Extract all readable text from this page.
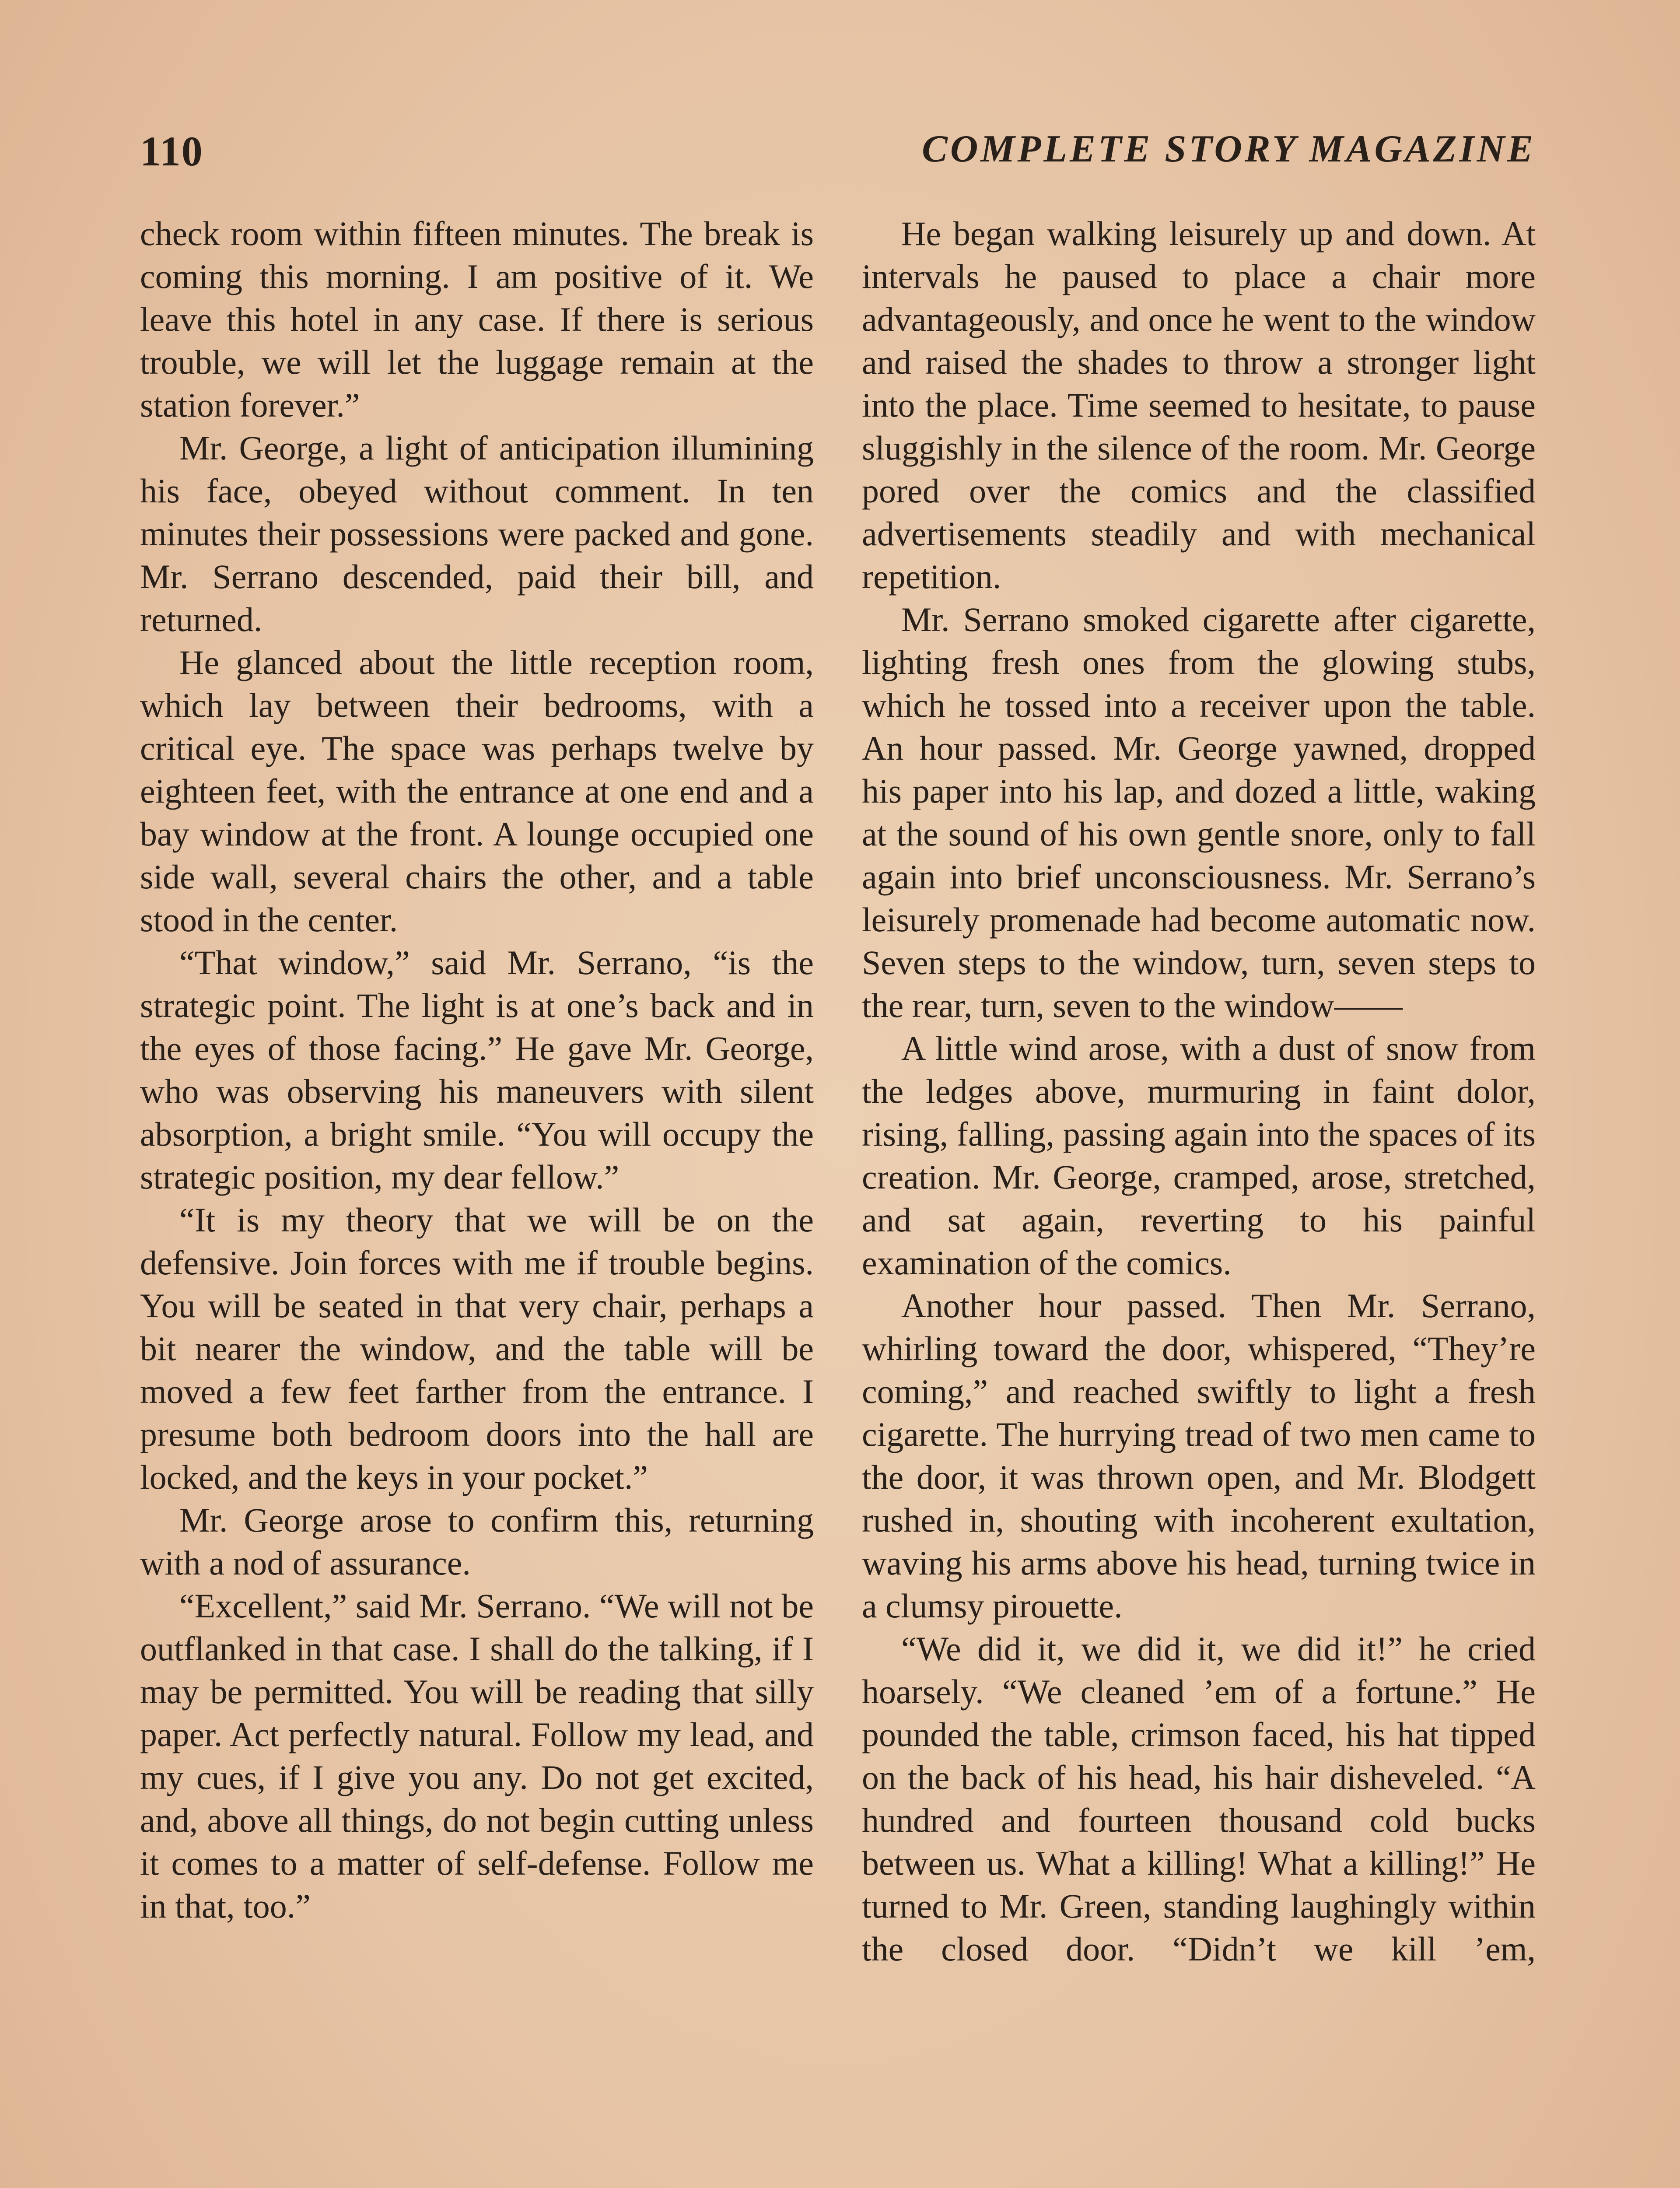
110	COMPLETE STORY MAGAZINE

check room within fifteen minutes. The break is coming this morning. I am positive of it. We leave this hotel in any case. If there is serious trouble, we will let the luggage remain at the station forever.”

Mr. George, a light of anticipation illumining his face, obeyed without comment. In ten minutes their possessions were packed and gone. Mr. Serrano descended, paid their bill, and returned.

He glanced about the little reception room, which lay between their bedrooms, with a critical eye. The space was perhaps twelve by eighteen feet, with the entrance at one end and a bay window at the front. A lounge occupied one side wall, several chairs the other, and a table stood in the center.

“That window,” said Mr. Serrano, “is the strategic point. The light is at one’s back and in the eyes of those facing.” He gave Mr. George, who was observing his maneuvers with silent absorption, a bright smile. “You will occupy the strategic position, my dear fellow.”

“It is my theory that we will be on the defensive. Join forces with me if trouble begins. You will be seated in that very chair, perhaps a bit nearer the window, and the table will be moved a few feet farther from the entrance. I presume both bedroom doors into the hall are locked, and the keys in your pocket.”

Mr. George arose to confirm this, returning with a nod of assurance.

“Excellent,” said Mr. Serrano. “We will not be outflanked in that case. I shall do the talking, if I may be permitted. You will be reading that silly paper. Act perfectly natural. Follow my lead, and my cues, if I give you any. Do not get excited, and, above all things, do not begin cutting unless it comes to a matter of self-defense. Follow me in that, too.”

He began walking leisurely up and down. At intervals he paused to place a chair more advantageously, and once he went to the window and raised the shades to throw a stronger light into the place. Time seemed to hesitate, to pause sluggishly in the silence of the room. Mr. George pored over the comics and the classified advertisements steadily and with mechanical repetition.

Mr. Serrano smoked cigarette after cigarette, lighting fresh ones from the glowing stubs, which he tossed into a receiver upon the table. An hour passed. Mr. George yawned, dropped his paper into his lap, and dozed a little, waking at the sound of his own gentle snore, only to fall again into brief unconsciousness. Mr. Serrano’s leisurely promenade had become automatic now. Seven steps to the window, turn, seven steps to the rear, turn, seven to the window——

A little wind arose, with a dust of snow from the ledges above, murmuring in faint dolor, rising, falling, passing again into the spaces of its creation. Mr. George, cramped, arose, stretched, and sat again, reverting to his painful examination of the comics.

Another hour passed. Then Mr. Serrano, whirling toward the door, whispered, “They’re coming,” and reached swiftly to light a fresh cigarette. The hurrying tread of two men came to the door, it was thrown open, and Mr. Blodgett rushed in, shouting with incoherent exultation, waving his arms above his head, turning twice in a clumsy pirouette.

“We did it, we did it, we did it!” he cried hoarsely. “We cleaned ’em of a fortune.” He pounded the table, crimson faced, his hat tipped on the back of his head, his hair disheveled. “A hundred and fourteen thousand cold bucks between us. What a killing! What a killing!” He turned to Mr. Green, standing laughingly within the closed door. “Didn’t we kill ’em,
